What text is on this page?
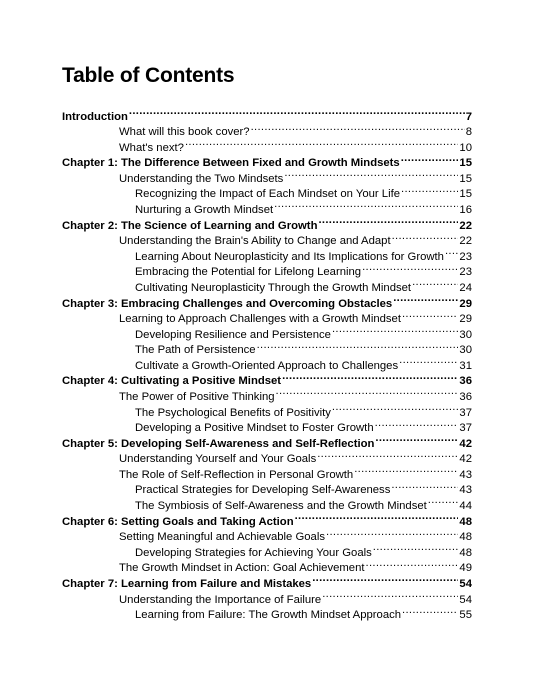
Table of Contents
Introduction .....	7
What will this book cover? .....	8
What's next? .....	10
Chapter 1: The Difference Between Fixed and Growth Mindsets .....	15
Understanding the Two Mindsets .....	15
Recognizing the Impact of Each Mindset on Your Life .....	15
Nurturing a Growth Mindset .....	16
Chapter 2: The Science of Learning and Growth .....	22
Understanding the Brain's Ability to Change and Adapt .....	22
Learning About Neuroplasticity and Its Implications for Growth ..... 23
Embracing the Potential for Lifelong Learning .....	23
Cultivating Neuroplasticity Through the Growth Mindset .....	24
Chapter 3: Embracing Challenges and Overcoming Obstacles .....	29
Learning to Approach Challenges with a Growth Mindset .....	29
Developing Resilience and Persistence .....	30
The Path of Persistence .....	30
Cultivate a Growth-Oriented Approach to Challenges .....	31
Chapter 4: Cultivating a Positive Mindset .....	36
The Power of Positive Thinking .....	36
The Psychological Benefits of Positivity .....	37
Developing a Positive Mindset to Foster Growth .....	37
Chapter 5: Developing Self-Awareness and Self-Reflection .....	42
Understanding Yourself and Your Goals .....	42
The Role of Self-Reflection in Personal Growth .....	43
Practical Strategies for Developing Self-Awareness .....	43
The Symbiosis of Self-Awareness and the Growth Mindset .....	44
Chapter 6: Setting Goals and Taking Action .....	48
Setting Meaningful and Achievable Goals .....	48
Developing Strategies for Achieving Your Goals .....	48
The Growth Mindset in Action: Goal Achievement .....	49
Chapter 7: Learning from Failure and Mistakes .....	54
Understanding the Importance of Failure .....	54
Learning from Failure: The Growth Mindset Approach .....	55
